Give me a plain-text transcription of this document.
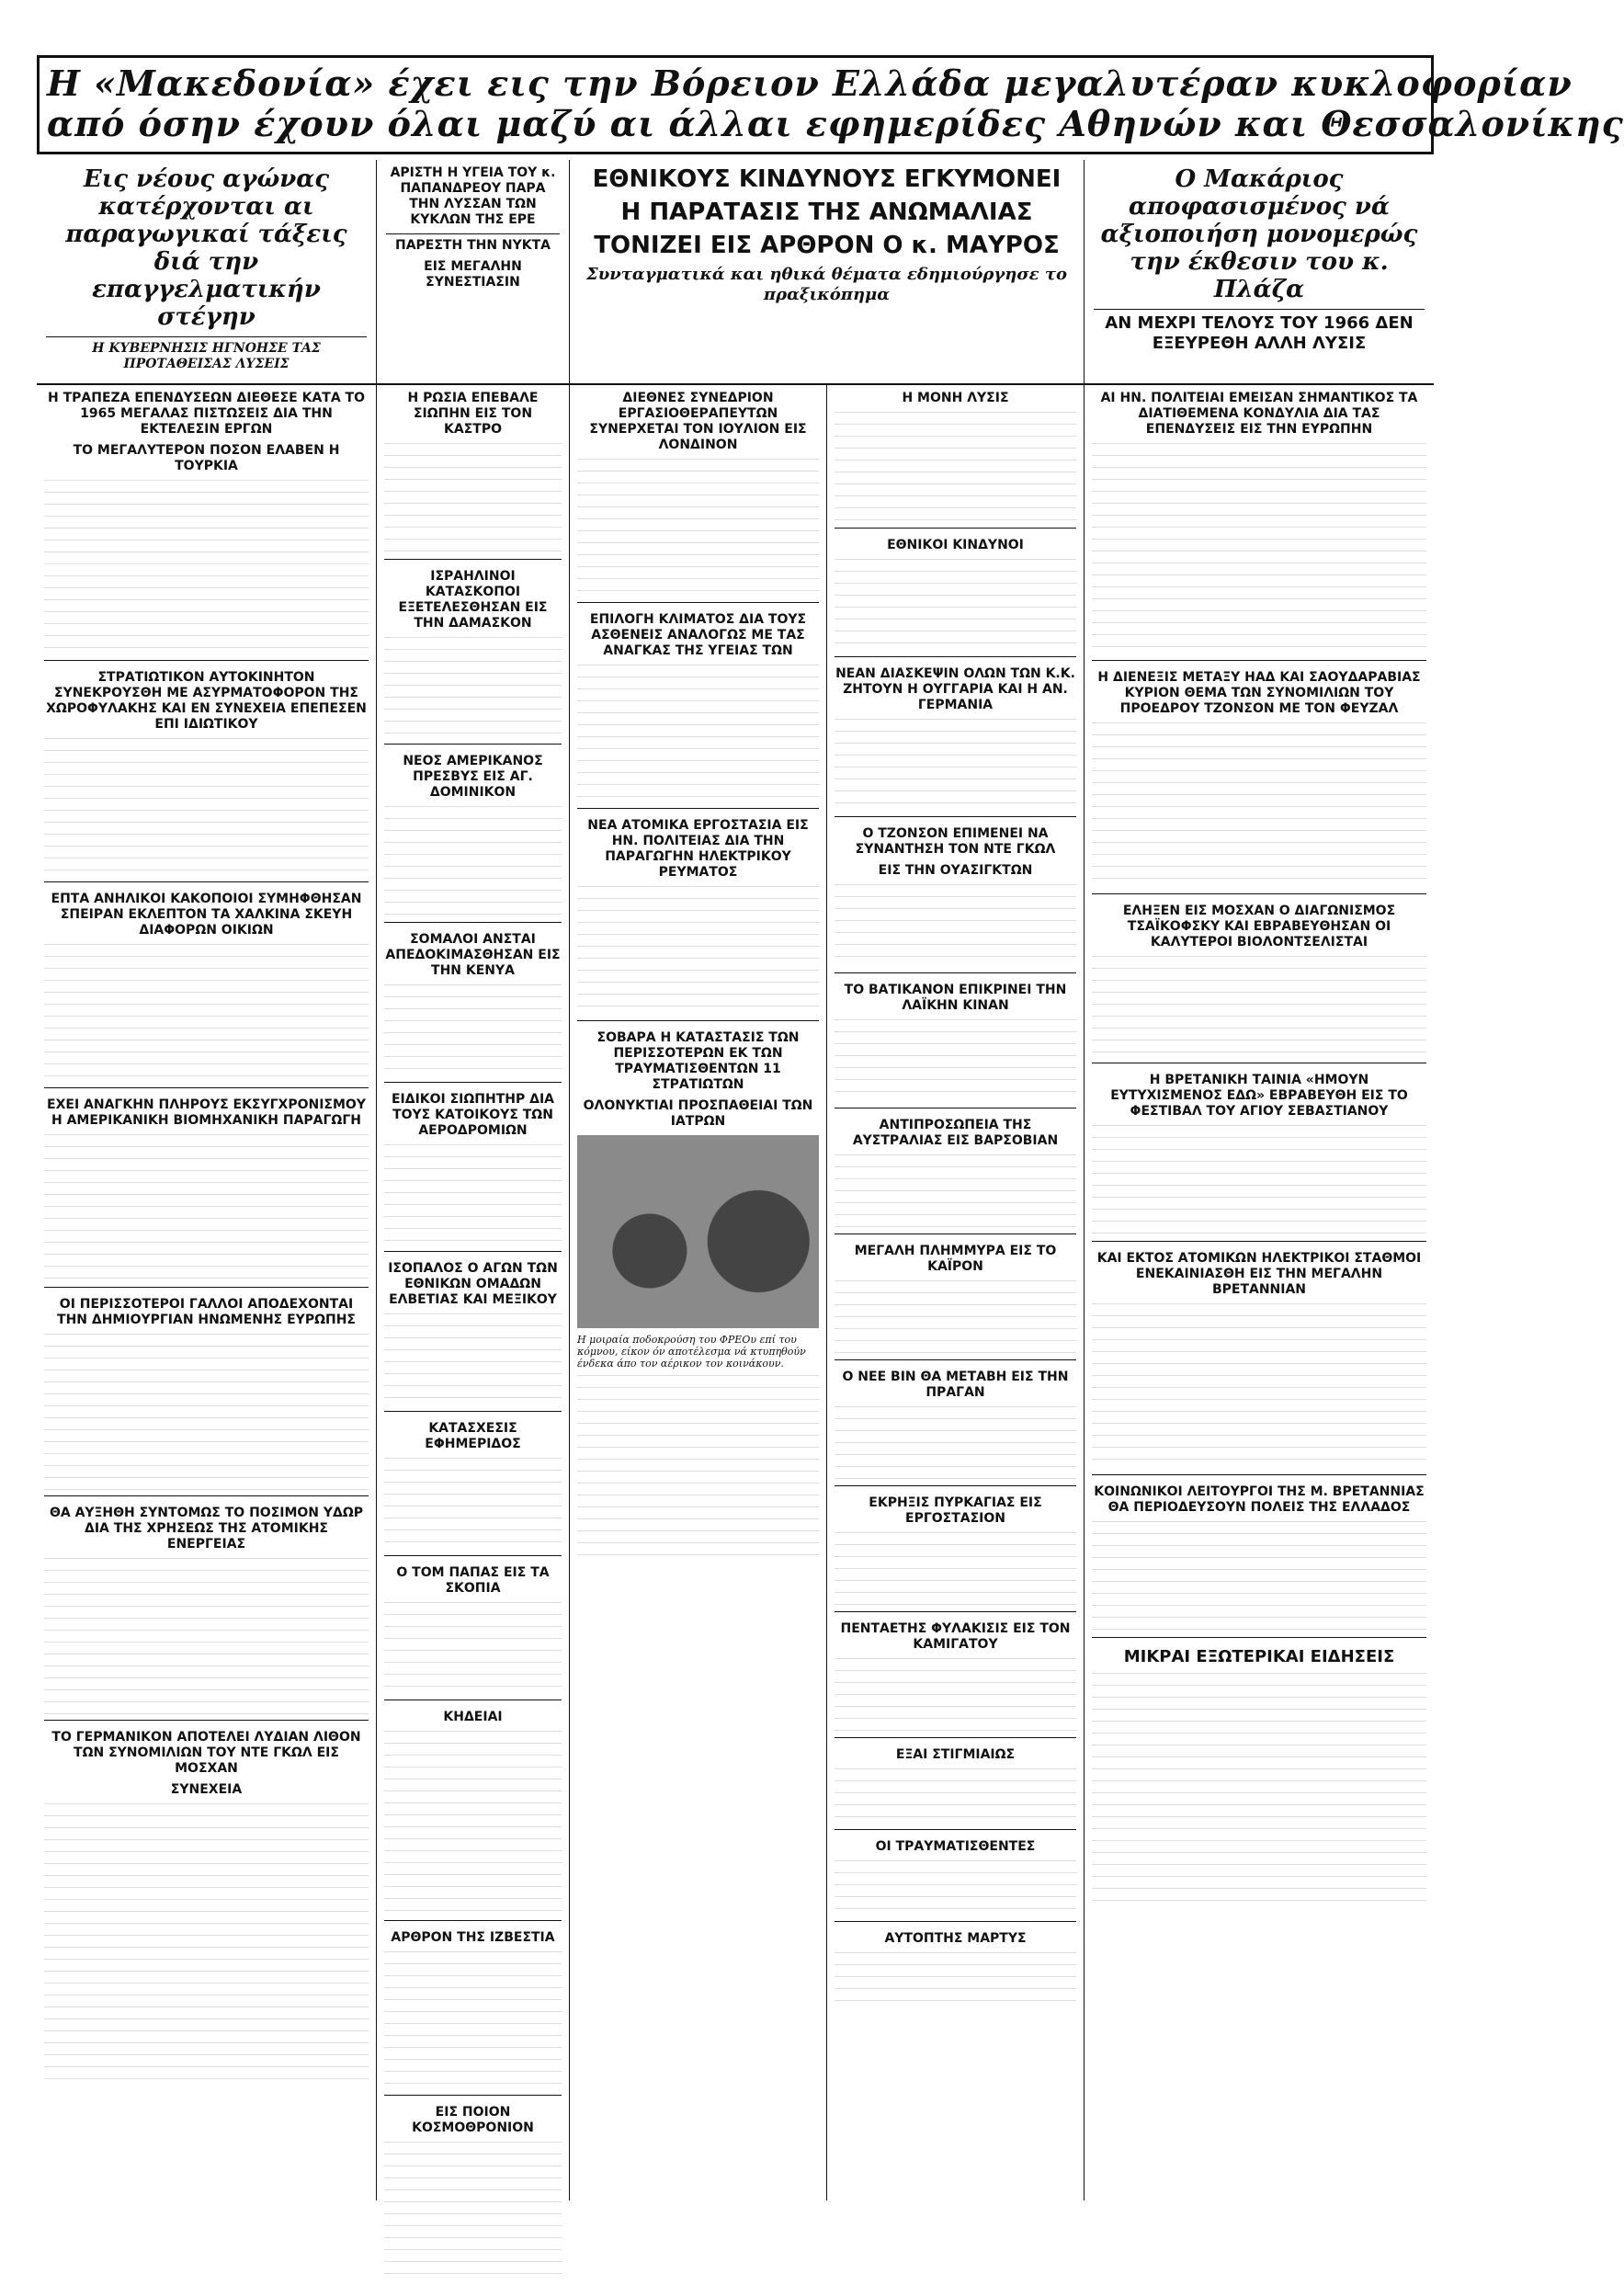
Η «Μακεδονία» έχει εις την Βόρειον Ελλάδα μεγαλυτέραν κυκλοφορίαν
από όσην έχουν όλαι μαζύ αι άλλαι εφημερίδες Αθηνών και Θεσσαλονίκης
Εις νέους αγώνας κατέρχονται αι παραγωγικαί τάξεις διά την επαγγελματικήν στέγην
Η ΚΥΒΕΡΝΗΣΙΣ ΗΓΝΟΗΣΕ ΤΑΣ ΠΡΟΤΑΘΕΙΣΑΣ ΛΥΣΕΙΣ
ΑΡΙΣΤΗ Η ΥΓΕΙΑ ΤΟΥ κ. ΠΑΠΑΝΔΡΕΟΥ ΠΑΡΑ ΤΗΝ ΛΥΣΣΑΝ ΤΩΝ ΚΥΚΛΩΝ ΤΗΣ ΕΡΕ
ΠΑΡΕΣΤΗ ΤΗΝ ΝΥΚΤΑ
ΕΙΣ ΜΕΓΑΛΗΝ ΣΥΝΕΣΤΙΑΣΙΝ
ΕΘΝΙΚΟΥΣ ΚΙΝΔΥΝΟΥΣ ΕΓΚΥΜΟΝΕΙ
Η ΠΑΡΑΤΑΣΙΣ ΤΗΣ ΑΝΩΜΑΛΙΑΣ
ΤΟΝΙΖΕΙ ΕΙΣ ΑΡΘΡΟΝ Ο κ. ΜΑΥΡΟΣ
Συνταγματικά και ηθικά θέματα εδημιούργησε το πραξικόπημα
Ο Μακάριος αποφασισμένος νά αξιοποιήση μονομερώς την έκθεσιν του κ. Πλάζα
ΑΝ ΜΕΧΡΙ ΤΕΛΟΥΣ ΤΟΥ 1966 ΔΕΝ ΕΞΕΥΡΕΘΗ ΑΛΛΗ ΛΥΣΙΣ
Η ΤΡΑΠΕΖΑ ΕΠΕΝΔΥΣΕΩΝ ΔΙΕΘΕΣΕ ΚΑΤΑ ΤΟ 1965 ΜΕΓΑΛΑΣ ΠΙΣΤΩΣΕΙΣ ΔΙΑ ΤΗΝ ΕΚΤΕΛΕΣΙΝ ΕΡΓΩΝ
ΤΟ ΜΕΓΑΛΥΤΕΡΟΝ ΠΟΣΟΝ ΕΛΑΒΕΝ Η ΤΟΥΡΚΙΑ
ΣΤΡΑΤΙΩΤΙΚΟΝ ΑΥΤΟΚΙΝΗΤΟΝ ΣΥΝΕΚΡΟΥΣΘΗ ΜΕ ΑΣΥΡΜΑΤΟΦΟΡΟΝ ΤΗΣ ΧΩΡΟΦΥΛΑΚΗΣ ΚΑΙ ΕΝ ΣΥΝΕΧΕΙΑ ΕΠΕΠΕΣΕΝ ΕΠΙ ΙΔΙΩΤΙΚΟΥ
ΕΠΤΑ ΑΝΗΛΙΚΟΙ ΚΑΚΟΠΟΙΟΙ ΣΥΜΗΦΘΗΣΑΝ ΣΠΕΙΡΑΝ ΕΚΛΕΠΤΟΝ ΤΑ ΧΑΛΚΙΝΑ ΣΚΕΥΗ ΔΙΑΦΟΡΩΝ ΟΙΚΙΩΝ
ΕΧΕΙ ΑΝΑΓΚΗΝ ΠΛΗΡΟΥΣ ΕΚΣΥΓΧΡΟΝΙΣΜΟΥ Η ΑΜΕΡΙΚΑΝΙΚΗ ΒΙΟΜΗΧΑΝΙΚΗ ΠΑΡΑΓΩΓΗ
ΟΙ ΠΕΡΙΣΣΟΤΕΡΟΙ ΓΑΛΛΟΙ ΑΠΟΔΕΧΟΝΤΑΙ ΤΗΝ ΔΗΜΙΟΥΡΓΙΑΝ ΗΝΩΜΕΝΗΣ ΕΥΡΩΠΗΣ
ΘΑ ΑΥΞΗΘΗ ΣΥΝΤΟΜΩΣ ΤΟ ΠΟΣΙΜΟΝ ΥΔΩΡ ΔΙΑ ΤΗΣ ΧΡΗΣΕΩΣ ΤΗΣ ΑΤΟΜΙΚΗΣ ΕΝΕΡΓΕΙΑΣ
ΤΟ ΓΕΡΜΑΝΙΚΟΝ ΑΠΟΤΕΛΕΙ ΛΥΔΙΑΝ ΛΙΘΟΝ ΤΩΝ ΣΥΝΟΜΙΛΙΩΝ ΤΟΥ ΝΤΕ ΓΚΩΛ ΕΙΣ ΜΟΣΧΑΝ
ΣΥΝΕΧΕΙΑ
Η ΡΩΣΙΑ ΕΠΕΒΑΛΕ ΣΙΩΠΗΝ ΕΙΣ ΤΟΝ ΚΑΣΤΡΟ
ΙΣΡΑΗΛΙΝΟΙ ΚΑΤΑΣΚΟΠΟΙ ΕΞΕΤΕΛΕΣΘΗΣΑΝ ΕΙΣ ΤΗΝ ΔΑΜΑΣΚΟΝ
ΝΕΟΣ ΑΜΕΡΙΚΑΝΟΣ ΠΡΕΣΒΥΣ ΕΙΣ ΑΓ. ΔΟΜΙΝΙΚΟΝ
ΣΟΜΑΛΟΙ ΑΝΣΤΑΙ ΑΠΕΔΟΚΙΜΑΣΘΗΣΑΝ ΕΙΣ ΤΗΝ ΚΕΝΥΑ
ΕΙΔΙΚΟΙ ΣΙΩΠΗΤΗΡ ΔΙΑ ΤΟΥΣ ΚΑΤΟΙΚΟΥΣ ΤΩΝ ΑΕΡΟΔΡΟΜΙΩΝ
ΙΣΟΠΑΛΟΣ Ο ΑΓΩΝ ΤΩΝ ΕΘΝΙΚΩΝ ΟΜΑΔΩΝ ΕΛΒΕΤΙΑΣ ΚΑΙ ΜΕΞΙΚΟΥ
ΚΑΤΑΣΧΕΣΙΣ ΕΦΗΜΕΡΙΔΟΣ
Ο ΤΟΜ ΠΑΠΑΣ ΕΙΣ ΤΑ ΣΚΟΠΙΑ
ΚΗΔΕΙΑΙ
ΑΡΘΡΟΝ ΤΗΣ ΙΖΒΕΣΤΙΑ
ΕΙΣ ΠΟΙΟΝ ΚΟΣΜΟΘΡΟΝΙΟΝ
ΔΙΕΘΝΕΣ ΣΥΝΕΔΡΙΟΝ ΕΡΓΑΣΙΟΘΕΡΑΠΕΥΤΩΝ ΣΥΝΕΡΧΕΤΑΙ ΤΟΝ ΙΟΥΛΙΟΝ ΕΙΣ ΛΟΝΔΙΝΟΝ
ΕΠΙΛΟΓΗ ΚΛΙΜΑΤΟΣ ΔΙΑ ΤΟΥΣ ΑΣΘΕΝΕΙΣ ΑΝΑΛΟΓΩΣ ΜΕ ΤΑΣ ΑΝΑΓΚΑΣ ΤΗΣ ΥΓΕΙΑΣ ΤΩΝ
ΝΕΑ ΑΤΟΜΙΚΑ ΕΡΓΟΣΤΑΣΙΑ ΕΙΣ ΗΝ. ΠΟΛΙΤΕΙΑΣ ΔΙΑ ΤΗΝ ΠΑΡΑΓΩΓΗΝ ΗΛΕΚΤΡΙΚΟΥ ΡΕΥΜΑΤΟΣ
ΣΟΒΑΡΑ Η ΚΑΤΑΣΤΑΣΙΣ ΤΩΝ ΠΕΡΙΣΣΟΤΕΡΩΝ ΕΚ ΤΩΝ ΤΡΑΥΜΑΤΙΣΘΕΝΤΩΝ 11 ΣΤΡΑΤΙΩΤΩΝ
ΟΛΟΝΥΚΤΙΑΙ ΠΡΟΣΠΑΘΕΙΑΙ ΤΩΝ ΙΑΤΡΩΝ
Η μοιραία ποδοκρούση του ΦΡΕΟυ επί του κόμνου, είκον όν αποτέλεσμα νά κτυπηθούν ένδεκα άπο τον αέρικον τον κοινάκουν.
Η ΜΟΝΗ ΛΥΣΙΣ
ΕΘΝΙΚΟΙ ΚΙΝΔΥΝΟΙ
ΝΕΑΝ ΔΙΑΣΚΕΨΙΝ ΟΛΩΝ ΤΩΝ Κ.Κ. ΖΗΤΟΥΝ Η ΟΥΓΓΑΡΙΑ ΚΑΙ Η ΑΝ. ΓΕΡΜΑΝΙΑ
Ο ΤΖΟΝΣΟΝ ΕΠΙΜΕΝΕΙ ΝΑ ΣΥΝΑΝΤΗΣΗ ΤΟΝ ΝΤΕ ΓΚΩΛ
ΕΙΣ ΤΗΝ ΟΥΑΣΙΓΚΤΩΝ
ΤΟ ΒΑΤΙΚΑΝΟΝ ΕΠΙΚΡΙΝΕΙ ΤΗΝ ΛΑΪΚΗΝ ΚΙΝΑΝ
ΑΝΤΙΠΡΟΣΩΠΕΙΑ ΤΗΣ ΑΥΣΤΡΑΛΙΑΣ ΕΙΣ ΒΑΡΣΟΒΙΑΝ
ΜΕΓΑΛΗ ΠΛΗΜΜΥΡΑ ΕΙΣ ΤΟ ΚΑΪΡΟΝ
Ο ΝΕΕ ΒΙΝ ΘΑ ΜΕΤΑΒΗ ΕΙΣ ΤΗΝ ΠΡΑΓΑΝ
ΕΚΡΗΞΙΣ ΠΥΡΚΑΓΙΑΣ ΕΙΣ ΕΡΓΟΣΤΑΣΙΟΝ
ΠΕΝΤΑΕΤΗΣ ΦΥΛΑΚΙΣΙΣ ΕΙΣ ΤΟΝ ΚΑΜΙΓΑΤΟΥ
ΕΞΑΙ ΣΤΙΓΜΙΑΙΩΣ
ΟΙ ΤΡΑΥΜΑΤΙΣΘΕΝΤΕΣ
ΑΥΤΟΠΤΗΣ ΜΑΡΤΥΣ
ΑΙ ΗΝ. ΠΟΛΙΤΕΙΑΙ ΕΜΕΙΣΑΝ ΣΗΜΑΝΤΙΚΟΣ ΤΑ ΔΙΑΤΙΘΕΜΕΝΑ ΚΟΝΔΥΛΙΑ ΔΙΑ ΤΑΣ ΕΠΕΝΔΥΣΕΙΣ ΕΙΣ ΤΗΝ ΕΥΡΩΠΗΝ
Η ΔΙΕΝΕΞΙΣ ΜΕΤΑΞΥ ΗΑΔ ΚΑΙ ΣΑΟΥΔΑΡΑΒΙΑΣ ΚΥΡΙΟΝ ΘΕΜΑ ΤΩΝ ΣΥΝΟΜΙΛΙΩΝ ΤΟΥ ΠΡΟΕΔΡΟΥ ΤΖΟΝΣΟΝ ΜΕ ΤΟΝ ΦΕΥΖΑΛ
ΕΛΗΞΕΝ ΕΙΣ ΜΟΣΧΑΝ Ο ΔΙΑΓΩΝΙΣΜΟΣ ΤΣΑΪΚΟΦΣΚΥ ΚΑΙ ΕΒΡΑΒΕΥΘΗΣΑΝ ΟΙ ΚΑΛΥΤΕΡΟΙ ΒΙΟΛΟΝΤΣΕΛΙΣΤΑΙ
Η ΒΡΕΤΑΝΙΚΗ ΤΑΙΝΙΑ «ΗΜΟΥΝ ΕΥΤΥΧΙΣΜΕΝΟΣ ΕΔΩ» ΕΒΡΑΒΕΥΘΗ ΕΙΣ ΤΟ ΦΕΣΤΙΒΑΛ ΤΟΥ ΑΓΙΟΥ ΣΕΒΑΣΤΙΑΝΟΥ
ΚΑΙ ΕΚΤΟΣ ΑΤΟΜΙΚΩΝ ΗΛΕΚΤΡΙΚΟΙ ΣΤΑΘΜΟΙ ΕΝΕΚΑΙΝΙΑΣΘΗ ΕΙΣ ΤΗΝ ΜΕΓΑΛΗΝ ΒΡΕΤΑΝΝΙΑΝ
ΚΟΙΝΩΝΙΚΟΙ ΛΕΙΤΟΥΡΓΟΙ ΤΗΣ Μ. ΒΡΕΤΑΝΝΙΑΣ ΘΑ ΠΕΡΙΟΔΕΥΣΟΥΝ ΠΟΛΕΙΣ ΤΗΣ ΕΛΛΑΔΟΣ
ΜΙΚΡΑΙ ΕΞΩΤΕΡΙΚΑΙ ΕΙΔΗΣΕΙΣ
